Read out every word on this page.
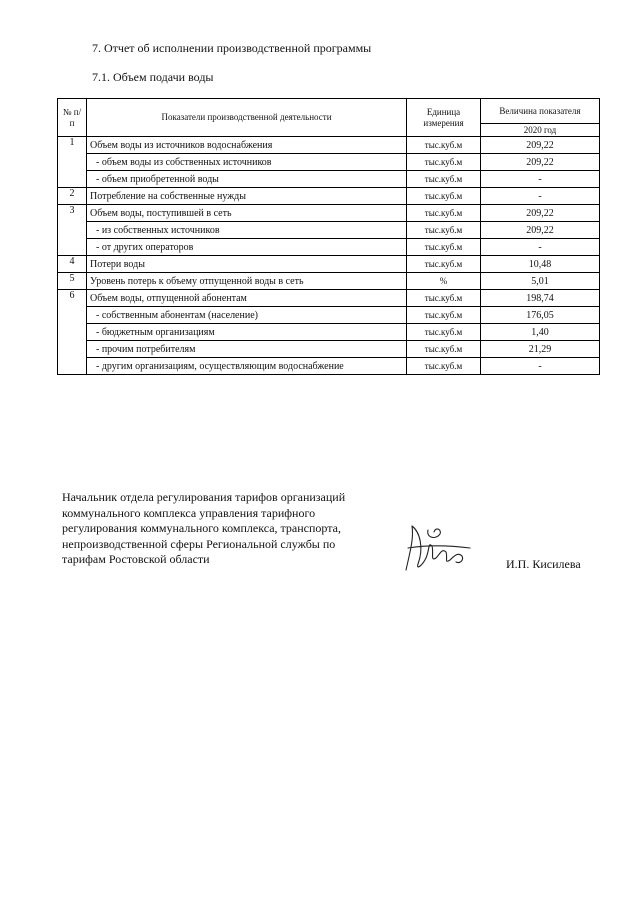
7. Отчет об исполнении производственной программы
7.1. Объем подачи воды
№ п/п	Показатели производственной деятельности	Единица измерения	Величина показателя
			2020 год
1	Объем воды из источников водоснабжения	тыс.куб.м	209,22
	- объем воды из собственных источников	тыс.куб.м	209,22
	- объем приобретенной воды	тыс.куб.м	-
2	Потребление на собственные нужды	тыс.куб.м	-
3	Объем воды, поступившей в сеть	тыс.куб.м	209,22
	- из собственных источников	тыс.куб.м	209,22
	- от других операторов	тыс.куб.м	-
4	Потери воды	тыс.куб.м	10,48
5	Уровень потерь к объему отпущенной воды в сеть	%	5,01
6	Объем воды, отпущенной абонентам	тыс.куб.м	198,74
	- собственным абонентам (население)	тыс.куб.м	176,05
	- бюджетным организациям	тыс.куб.м	1,40
	- прочим потребителям	тыс.куб.м	21,29
	- другим организациям, осуществляющим водоснабжение	тыс.куб.м	-
Начальник отдела регулирования тарифов организаций
коммунального комплекса управления тарифного
регулирования коммунального комплекса, транспорта,
непроизводственной сферы Региональной службы по
тарифам Ростовской области	И.П. Кисилева
